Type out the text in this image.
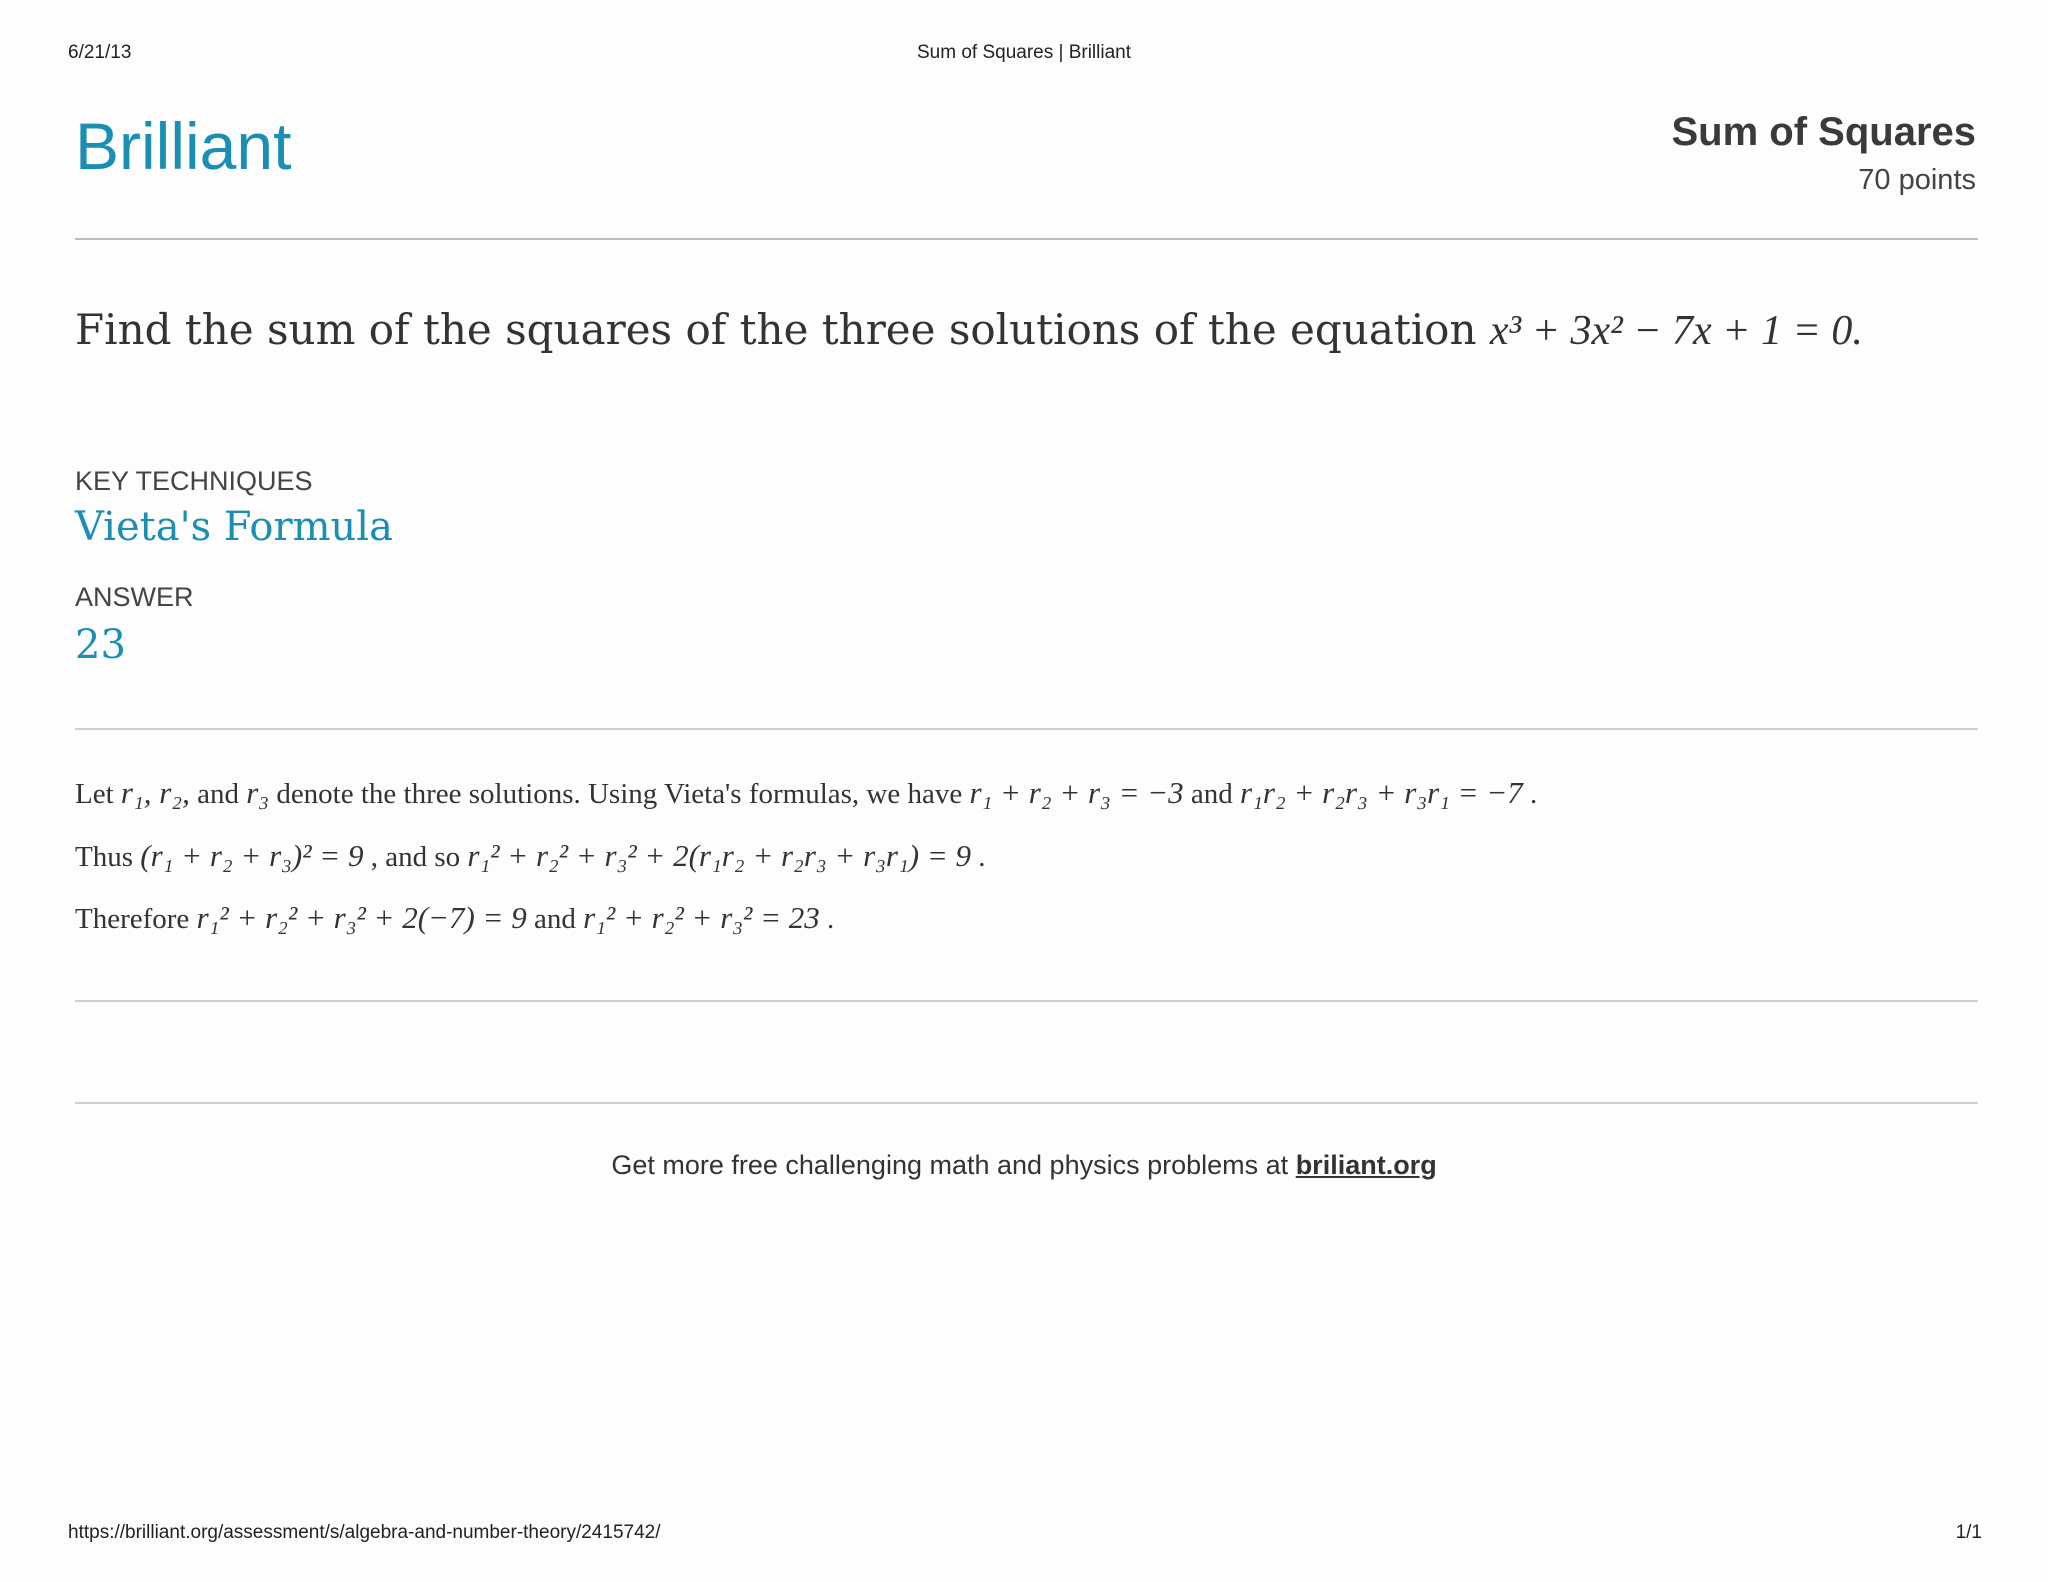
6/21/13	Sum of Squares | Brilliant
Brilliant	Sum of Squares
70 points
Find the sum of the squares of the three solutions of the equation x³ + 3x² − 7x + 1 = 0.
KEY TECHNIQUES
Vieta's Formula
ANSWER
23
Let r₁, r₂, and r₃ denote the three solutions. Using Vieta's formulas, we have r₁ + r₂ + r₃ = −3 and r₁r₂ + r₂r₃ + r₃r₁ = −7 .
Thus (r₁ + r₂ + r₃)² = 9 , and so r₁² + r₂² + r₃² + 2(r₁r₂ + r₂r₃ + r₃r₁) = 9 .
Therefore r₁² + r₂² + r₃² + 2(−7) = 9 and r₁² + r₂² + r₃² = 23 .
Get more free challenging math and physics problems at briliant.org
https://brilliant.org/assessment/s/algebra-and-number-theory/2415742/	1/1
